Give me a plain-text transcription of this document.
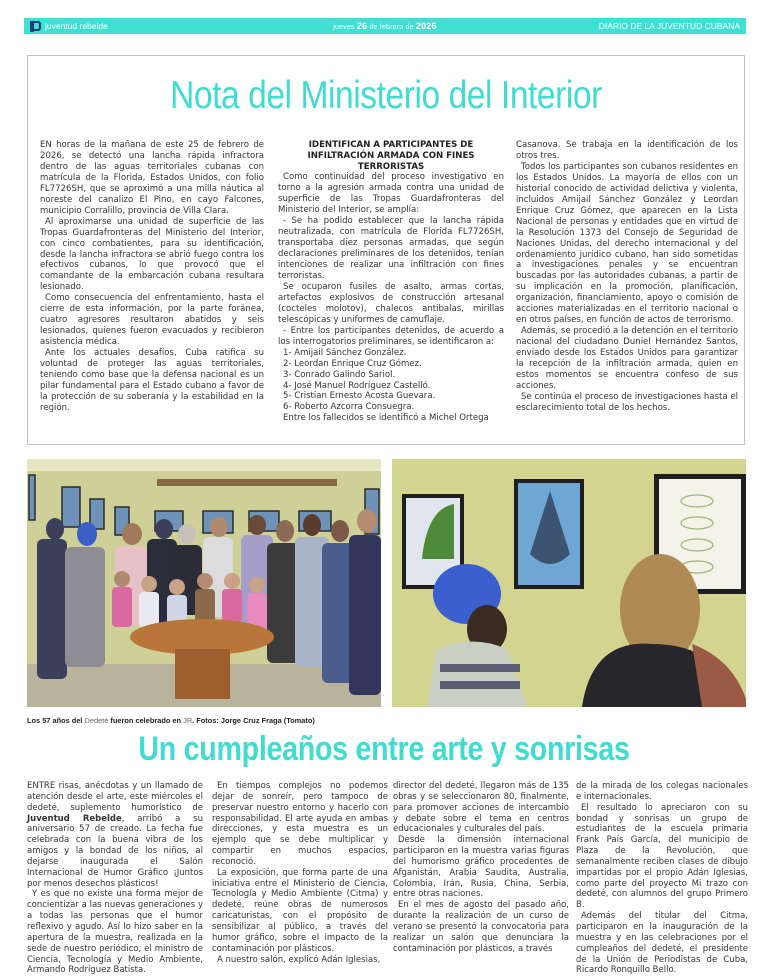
juventud rebelde	jueves 26 de febrero de 2026	DIARIO DE LA JUVENTUD CUBANA
Nota del Ministerio del Interior

EN horas de la mañana de este 25 de febrero de 2026, se detectó una lancha rápida infractora dentro de las aguas territoriales cubanas con matrícula de la Florida, Estados Unidos, con folio FL7726SH, que se aproximó a una milla náutica al noreste del canalizo El Pino, en cayo Falcones, municipio Corralillo, provincia de Villa Clara.

Al aproximarse una unidad de superficie de las Tropas Guardafronteras del Ministerio del Interior, con cinco combatientes, para su identificación, desde la lancha infractora se abrió fuego contra los efectivos cubanos, lo que provocó que el comandante de la embarcación cubana resultara lesionado.

Como consecuencia del enfrentamiento, hasta el cierre de esta información, por la parte foránea, cuatro agresores resultaron abatidos y seis lesionados, quienes fueron evacuados y recibieron asistencia médica.

Ante los actuales desafíos, Cuba ratifica su voluntad de proteger las aguas territoriales, teniendo como base que la defensa nacional es un pilar fundamental para el Estado cubano a favor de la protección de su soberanía y la estabilidad en la región.

IDENTIFICAN A PARTICIPANTES DE INFILTRACIÓN ARMADA CON FINES TERRORISTAS

Como continuidad del proceso investigativo en torno a la agresión armada contra una unidad de superficie de las Tropas Guardafronteras del Ministerio del Interior, se amplía:

- Se ha podido establecer que la lancha rápida neutralizada, con matrícula de Florida FL7726SH, transportaba diez personas armadas, que según declaraciones preliminares de los detenidos, tenían intenciones de realizar una infiltración con fines terroristas.

Se ocuparon fusiles de asalto, armas cortas, artefactos explosivos de construcción artesanal (cocteles molotov), chalecos antibalas, mirillas telescópicas y uniformes de camuflaje.

- Entre los participantes detenidos, de acuerdo a los interrogatorios preliminares, se identificaron a:

1- Amijail Sánchez González.

2- Leordan Enrique Cruz Gómez.

3- Conrado Galindo Sariol.

4- José Manuel Rodríguez Castelló.

5- Cristian Ernesto Acosta Guevara.

6- Roberto Azcorra Consuegra.

Entre los fallecidos se identificó a Michel Ortega

Casanova. Se trabaja en la identificación de los otros tres.

Todos los participantes son cubanos residentes en los Estados Unidos. La mayoría de ellos con un historial conocido de actividad delictiva y violenta, incluidos Amijail Sánchez González y Leordan Enrique Cruz Gómez, que aparecen en la Lista Nacional de personas y entidades que en virtud de la Resolución 1373 del Consejo de Seguridad de Naciones Unidas, del derecho internacional y del ordenamiento jurídico cubano, han sido sometidas a investigaciones penales y se encuentran buscadas por las autoridades cubanas, a partir de su implicación en la promoción, planificación, organización, financiamiento, apoyo o comisión de acciones materializadas en el territorio nacional o en otros países, en función de actos de terrorismo.

Además, se procedió a la detención en el territorio nacional del ciudadano Duniel Hernández Santos, enviado desde los Estados Unidos para garantizar la recepción de la infiltración armada, quien en estos momentos se encuentra confeso de sus acciones.

Se continúa el proceso de investigaciones hasta el esclarecimiento total de los hechos.

Los 57 años del Dedeté fueron celebrado en JR. Fotos: Jorge Cruz Fraga (Tomato)
Un cumpleaños entre arte y sonrisas

ENTRE risas, anécdotas y un llamado de atención desde el arte, este miércoles el dedeté, suplemento humorístico de Juventud Rebelde, arribó a su aniversario 57 de creado. La fecha fue celebrada con la buena vibra de los amigos y la bondad de los niños, al dejarse inaugurada el Salón Internacional de Humor Gráfico ¡Juntos por menos desechos plásticos!

Y es que no existe una forma mejor de concientizar a las nuevas generaciones y a todas las personas que el humor reflexivo y agudo. Así lo hizo saber en la apertura de la muestra, realizada en la sede de nuestro periódico, el ministro de Ciencia, Tecnología y Medio Ambiente, Armando Rodríguez Batista.

En tiempos complejos no podemos dejar de sonreír, pero tampoco de preservar nuestro entorno y hacerlo con responsabilidad. El arte ayuda en ambas direcciones, y esta muestra es un ejemplo que se debe multiplicar y compartir en muchos espacios, reconoció.

La exposición, que forma parte de una iniciativa entre el Ministerio de Ciencia, Tecnología y Medio Ambiente (Citma) y dedeté, reúne obras de numerosos caricaturistas, con el propósito de sensibilizar al público, a través del humor gráfico, sobre el impacto de la contaminación por plásticos.

A nuestro salón, explicó Adán Iglesias,

director del dedeté, llegaron más de 135 obras y se seleccionaron 80, finalmente, para promover acciones de intercambio y debate sobre el tema en centros educacionales y culturales del país.

Desde la dimensión internacional participaron en la muestra varias figuras del humorismo gráfico procedentes de Afganistán, Arabia Saudita, Australia, Colombia, Irán, Rusia, China, Serbia, entre otras naciones.

En el mes de agosto del pasado año, durante la realización de un curso de verano se presentó la convocatoria para realizar un salón que denunciara la contaminación por plásticos, a través

de la mirada de los colegas nacionales e internacionales.

El resultado lo apreciaron con su bondad y sonrisas un grupo de estudiantes de la escuela primaria Frank País García, del municipio de Plaza de la Revolución, que semanalmente reciben clases de dibujo impartidas por el propio Adán Iglesias, como parte del proyecto Mi trazo con dedeté, con alumnos del grupo Primero B.

Además del titular del Citma, participaron en la inauguración de la muestra y en las celebraciones por el cumpleaños del dedeté, el presidente de la Unión de Periodistas de Cuba, Ricardo Ronquillo Bello.
